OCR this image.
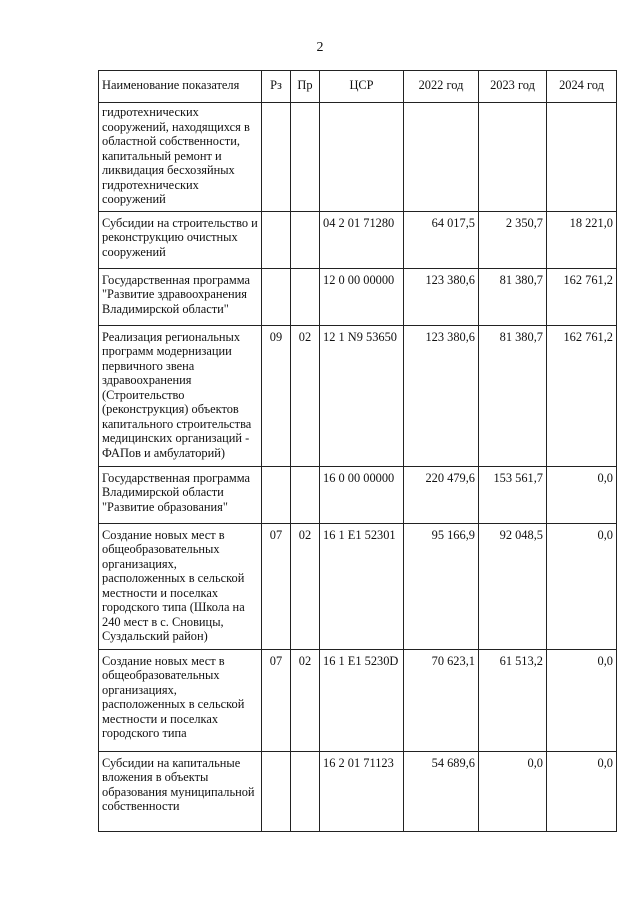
2
Наименование показателя	Рз	Пр	ЦСР	2022 год	2023 год	2024 год
гидротехнических сооружений, находящихся в областной собственности, капитальный ремонт и ликвидация бесхозяйных гидротехнических сооружений						
Субсидии на строительство и реконструкцию очистных сооружений			04 2 01 71280	64 017,5	2 350,7	18 221,0
Государственная программа "Развитие здравоохранения Владимирской области"			12 0 00 00000	123 380,6	81 380,7	162 761,2
Реализация региональных программ модернизации первичного звена здравоохранения (Строительство (реконструкция) объектов капитального строительства медицинских организаций - ФАПов и амбулаторий)	09	02	12 1 N9 53650	123 380,6	81 380,7	162 761,2
Государственная программа Владимирской области "Развитие образования"			16 0 00 00000	220 479,6	153 561,7	0,0
Создание новых мест в общеобразовательных организациях, расположенных в сельской местности и поселках городского типа (Школа на 240 мест в с. Сновицы, Суздальский район)	07	02	16 1 E1 52301	95 166,9	92 048,5	0,0
Создание новых мест в общеобразовательных организациях, расположенных в сельской местности и поселках городского типа	07	02	16 1 E1 5230D	70 623,1	61 513,2	0,0
Субсидии на капитальные вложения в объекты образования муниципальной собственности			16 2 01 71123	54 689,6	0,0	0,0
